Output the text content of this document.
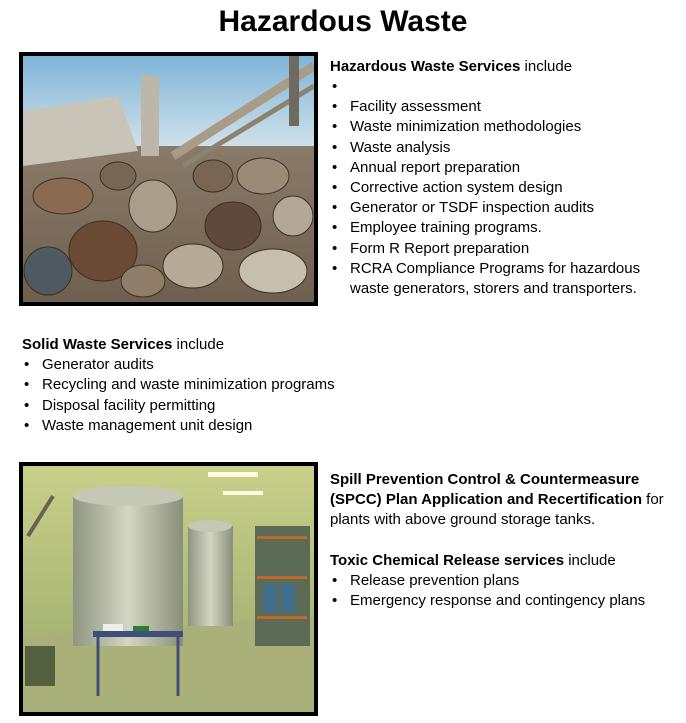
Hazardous Waste
Hazardous Waste Services include
•
• Facility assessment
• Waste minimization methodologies
• Waste analysis
• Annual report preparation
• Corrective action system design
• Generator or TSDF inspection audits
• Employee training programs.
• Form R Report preparation
• RCRA Compliance Programs for hazardous waste generators, storers and transporters.
Solid Waste Services include
• Generator audits
• Recycling and waste minimization programs
• Disposal facility permitting
• Waste management unit design
Spill Prevention Control & Countermeasure (SPCC) Plan Application and Recertification for plants with above ground storage tanks.
Toxic Chemical Release services include
• Release prevention plans
• Emergency response and contingency plans
